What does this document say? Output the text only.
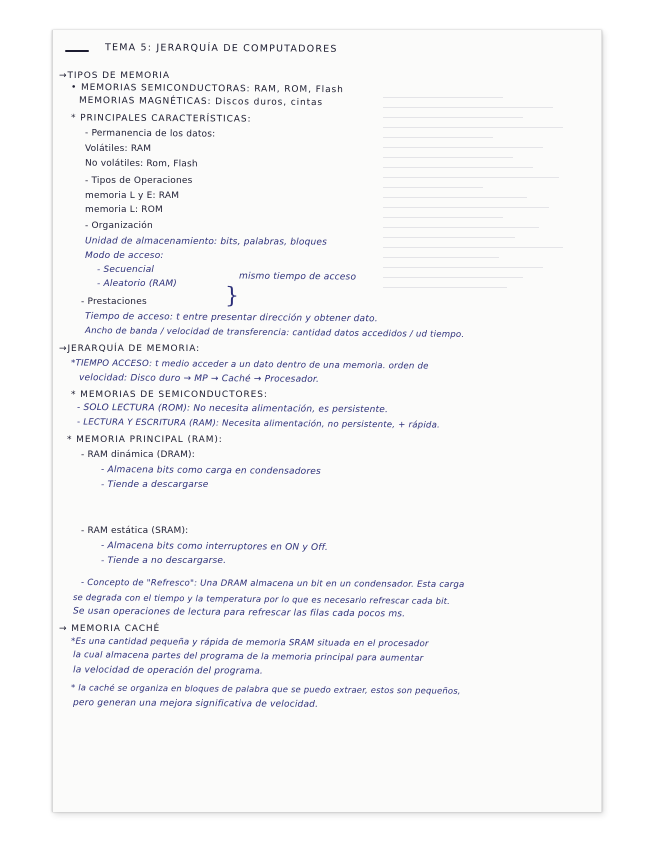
TEMA 5: JERARQUÍA DE COMPUTADORES
→TIPOS DE MEMORIA
• MEMORIAS SEMICONDUCTORAS: RAM, ROM, Flash
MEMORIAS MAGNÉTICAS: Discos duros, cintas
* PRINCIPALES CARACTERÍSTICAS:
- Permanencia de los datos:
Volátiles: RAM
No volátiles: Rom, Flash
- Tipos de Operaciones
memoria L y E: RAM
memoria L: ROM
- Organización
Unidad de almacenamiento: bits, palabras, bloques
Modo de acceso:
- Secuencial
- Aleatorio (RAM) }
mismo tiempo de acceso
- Prestaciones
Tiempo de acceso: t entre presentar dirección y obtener dato.
Ancho de banda / velocidad de transferencia: cantidad datos accedidos / ud tiempo.
→JERARQUÍA DE MEMORIA:
*TIEMPO ACCESO: t medio acceder a un dato dentro de una memoria. orden de
velocidad: Disco duro → MP → Caché → Procesador.
* MEMORIAS DE SEMICONDUCTORES:
- SOLO LECTURA (ROM): No necesita alimentación, es persistente.
- LECTURA Y ESCRITURA (RAM): Necesita alimentación, no persistente, + rápida.
* MEMORIA PRINCIPAL (RAM):
- RAM dinámica (DRAM):
- Almacena bits como carga en condensadores
- Tiende a descargarse
- RAM estática (SRAM):
- Almacena bits como interruptores en ON y Off.
- Tiende a no descargarse.
- Concepto de "Refresco": Una DRAM almacena un bit en un condensador. Esta carga
se degrada con el tiempo y la temperatura por lo que es necesario refrescar cada bit.
Se usan operaciones de lectura para refrescar las filas cada pocos ms.
→ MEMORIA CACHÉ
*Es una cantidad pequeña y rápida de memoria SRAM situada en el procesador
la cual almacena partes del programa de la memoria principal para aumentar
la velocidad de operación del programa.
* la caché se organiza en bloques de palabra que se puedo extraer, estos son pequeños,
pero generan una mejora significativa de velocidad.
